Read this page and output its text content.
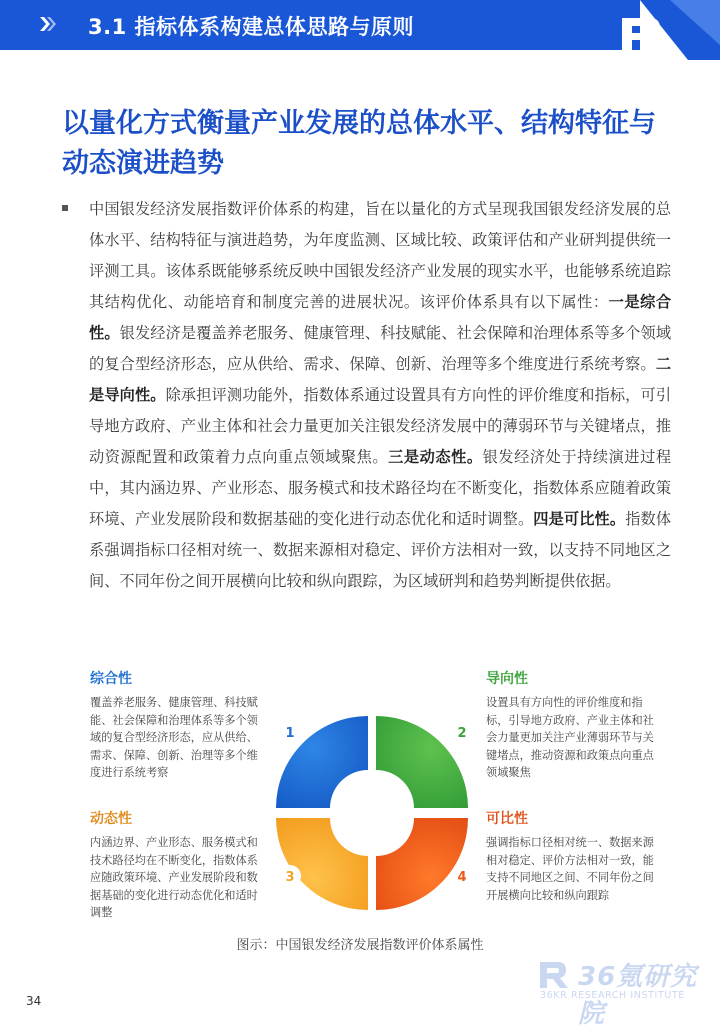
3.1 指标体系构建总体思路与原则
以量化方式衡量产业发展的总体水平、结构特征与动态演进趋势

中国银发经济发展指数评价体系的构建，旨在以量化的方式呈现我国银发经济发展的总体水平、结构特征与演进趋势，为年度监测、区域比较、政策评估和产业研判提供统一评测工具。该体系既能够系统反映中国银发经济产业发展的现实水平，也能够系统追踪其结构优化、动能培育和制度完善的进展状况。该评价体系具有以下属性：一是综合性。银发经济是覆盖养老服务、健康管理、科技赋能、社会保障和治理体系等多个领域的复合型经济形态，应从供给、需求、保障、创新、治理等多个维度进行系统考察。二是导向性。除承担评测功能外，指数体系通过设置具有方向性的评价维度和指标，可引导地方政府、产业主体和社会力量更加关注银发经济发展中的薄弱环节与关键堵点，推动资源配置和政策着力点向重点领域聚焦。三是动态性。银发经济处于持续演进过程中，其内涵边界、产业形态、服务模式和技术路径均在不断变化，指数体系应随着政策环境、产业发展阶段和数据基础的变化进行动态优化和适时调整。四是可比性。指数体系强调指标口径相对统一、数据来源相对稳定、评价方法相对一致，以支持不同地区之间、不同年份之间开展横向比较和纵向跟踪，为区域研判和趋势判断提供依据。

综合性

覆盖养老服务、健康管理、科技赋能、社会保障和治理体系等多个领域的复合型经济形态，应从供给、需求、保障、创新、治理等多个维度进行系统考察

导向性

设置具有方向性的评价维度和指标，引导地方政府、产业主体和社会力量更加关注产业薄弱环节与关键堵点，推动资源和政策点向重点领域聚焦

动态性

内涵边界、产业形态、服务模式和技术路径均在不断变化，指数体系应随政策环境、产业发展阶段和数据基础的变化进行动态优化和适时调整

可比性

强调指标口径相对统一、数据来源相对稳定、评价方法相对一致，能支持不同地区之间、不同年份之间开展横向比较和纵向跟踪

1	2
3	4
图示：中国银发经济发展指数评价体系属性
34
36氪研究院
36KR RESEARCH INSTITUTE
